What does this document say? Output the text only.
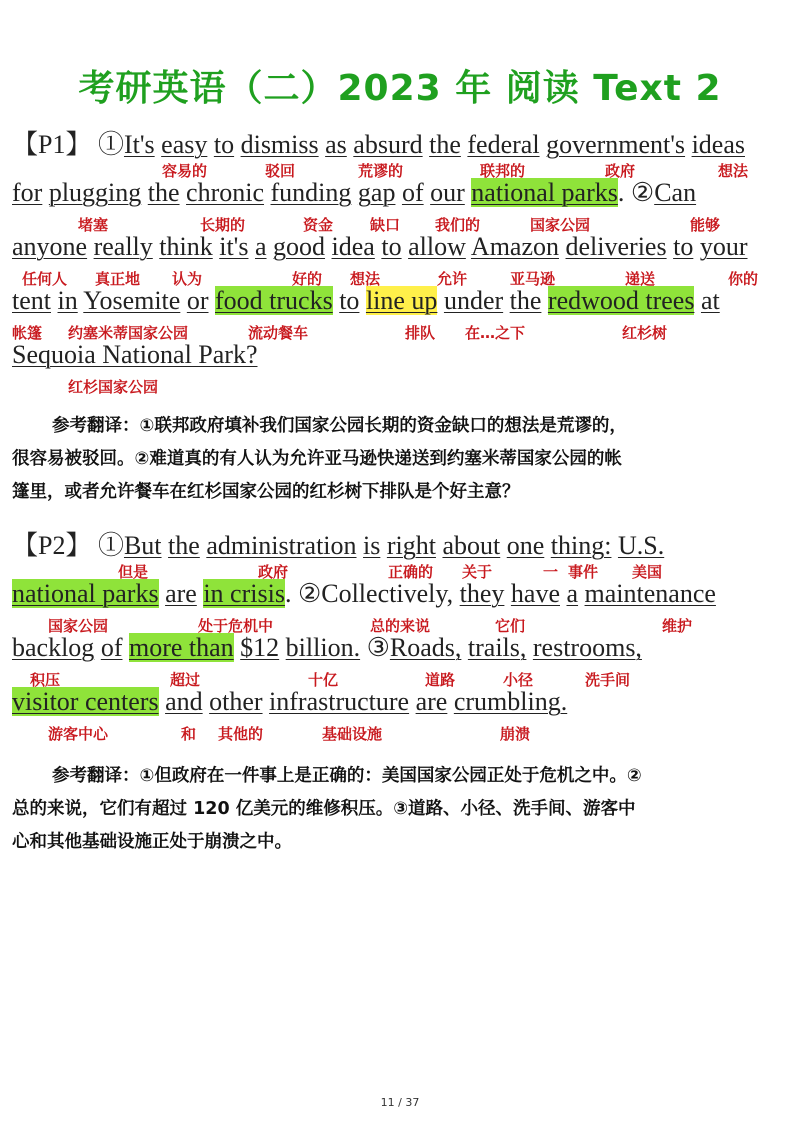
考研英语（二）2023 年 阅读 Text 2
【P1】 ①It's easy to dismiss as absurd the federal government's ideas
for plugging the chronic funding gap of our national parks. ②Can
anyone really think it's a good idea to allow Amazon deliveries to your
tent in Yosemite or food trucks to line up under the redwood trees at
Sequoia National Park?
容易的	驳回	荒谬的	联邦的	政府	想法
堵塞	长期的	资金 缺口 我们的	国家公园	能够
任何人 真正地 认为	好的 想法	允许	亚马逊	递送	你的
帐篷 约塞米蒂国家公园	流动餐车	排队 在…之下	红杉树
红杉国家公园

参考翻译：①联邦政府填补我们国家公园长期的资金缺口的想法是荒谬的，

很容易被驳回。②难道真的有人认为允许亚马逊快递送到约塞米蒂国家公园的帐

篷里，或者允许餐车在红杉国家公园的红杉树下排队是个好主意？

【P2】 ①But the administration is right about one thing: U.S.
national parks are in crisis. ②Collectively, they have a maintenance
backlog of more than $12 billion. ③Roads, trails, restrooms,
visitor centers and other infrastructure are crumbling.
但是	政府	正确的 关于	一 事件 美国
国家公园	处于危机中	总的来说	它们	维护
积压	超过	十亿	道路	小径	洗手间
游客中心	和 其他的	基础设施	崩溃

参考翻译：①但政府在一件事上是正确的：美国国家公园正处于危机之中。②

总的来说，它们有超过 120 亿美元的维修积压。③道路、小径、洗手间、游客中

心和其他基础设施正处于崩溃之中。

11 / 37
